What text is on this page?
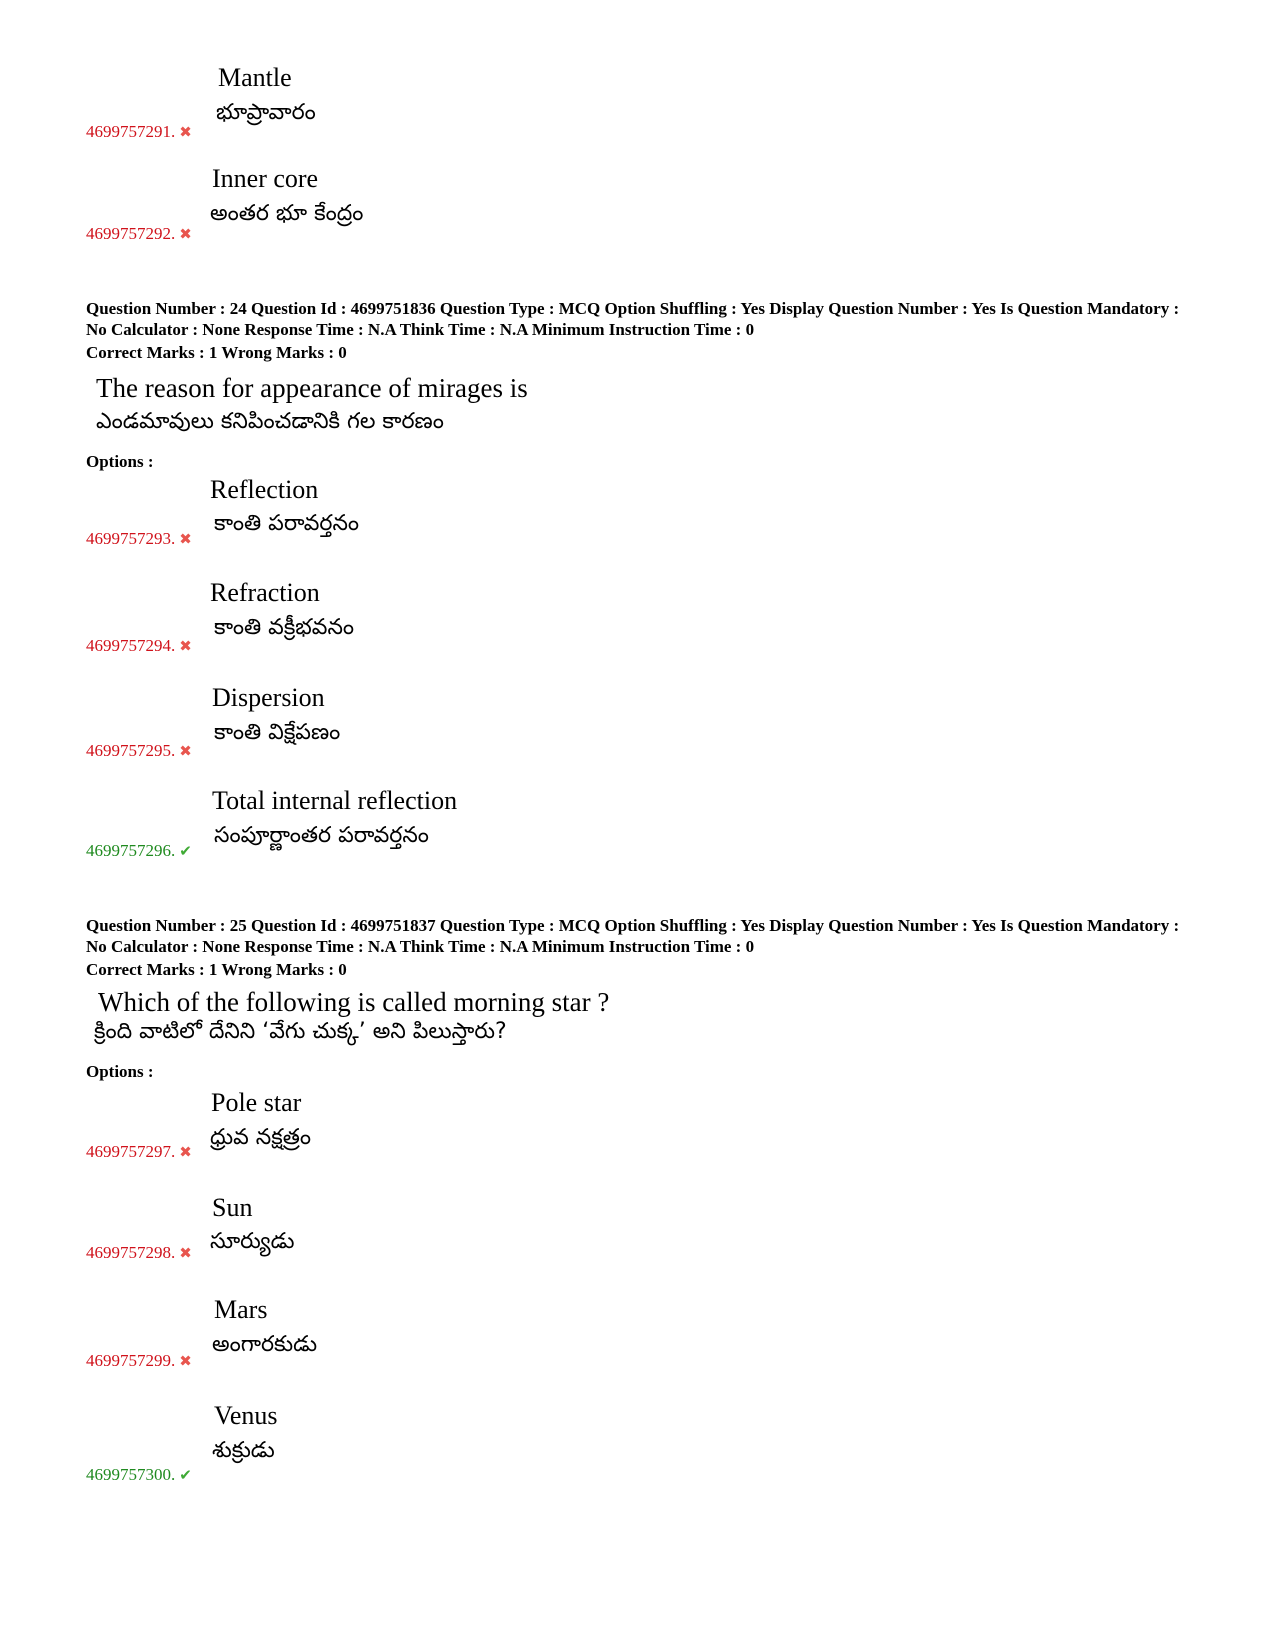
Mantle
భూప్రావారం
4699757291. ✖
Inner core
అంతర భూ కేంద్రం
4699757292. ✖
Question Number : 24 Question Id : 4699751836 Question Type : MCQ Option Shuffling : Yes Display Question Number : Yes Is Question Mandatory : No Calculator : None Response Time : N.A Think Time : N.A Minimum Instruction Time : 0
Correct Marks : 1 Wrong Marks : 0
The reason for appearance of mirages is
ఎండమావులు కనిపించడానికి గల కారణం
Options :
Reflection
కాంతి పరావర్తనం
4699757293. ✖
Refraction
కాంతి వక్రీభవనం
4699757294. ✖
Dispersion
కాంతి విక్షేపణం
4699757295. ✖
Total internal reflection
సంపూర్ణాంతర పరావర్తనం
4699757296. ✔
Question Number : 25 Question Id : 4699751837 Question Type : MCQ Option Shuffling : Yes Display Question Number : Yes Is Question Mandatory : No Calculator : None Response Time : N.A Think Time : N.A Minimum Instruction Time : 0
Correct Marks : 1 Wrong Marks : 0
Which of the following is called morning star ?
క్రింది వాటిలో దేనిని ‘వేగు చుక్క’ అని పిలుస్తారు?
Options :
Pole star
ధ్రువ నక్షత్రం
4699757297. ✖
Sun
సూర్యుడు
4699757298. ✖
Mars
అంగారకుడు
4699757299. ✖
Venus
శుక్రుడు
4699757300. ✔
